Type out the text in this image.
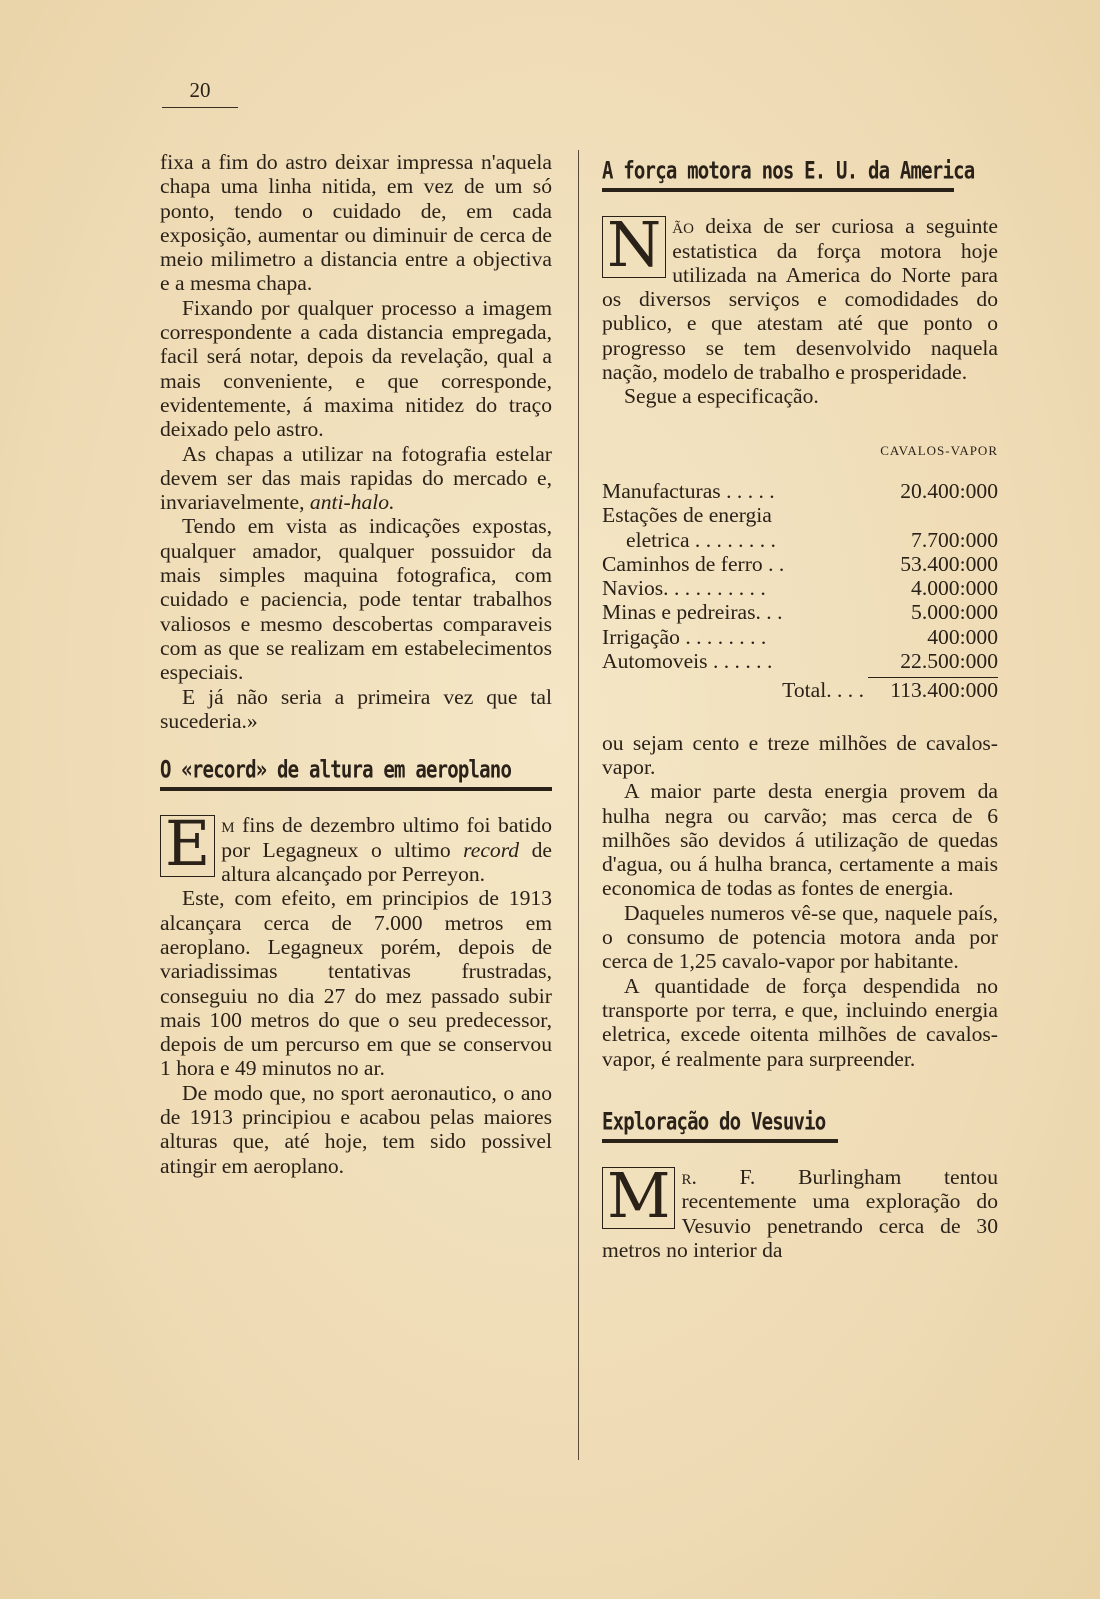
20

fixa a fim do astro deixar impressa n'aquela chapa uma linha nitida, em vez de um só ponto, tendo o cuidado de, em cada exposição, aumentar ou diminuir de cerca de meio milimetro a distancia entre a objectiva e a mesma chapa.

Fixando por qualquer processo a imagem correspondente a cada distancia empregada, facil será notar, depois da revelação, qual a mais conveniente, e que corresponde, evidentemente, á maxima nitidez do traço deixado pelo astro.

As chapas a utilizar na fotografia estelar devem ser das mais rapidas do mercado e, invariavelmente, anti-halo.

Tendo em vista as indicações expostas, qualquer amador, qualquer possuidor da mais simples maquina fotografica, com cuidado e paciencia, pode tentar trabalhos valiosos e mesmo descobertas comparaveis com as que se realizam em estabelecimentos especiais.

E já não seria a primeira vez que tal sucederia.»

O «record» de altura em aeroplano

E m fins de dezembro ultimo foi batido por Legagneux o ultimo record de altura alcançado por Perreyon.

Este, com efeito, em principios de 1913 alcançara cerca de 7.000 metros em aeroplano. Legagneux porém, depois de variadissimas tentativas frustradas, conseguiu no dia 27 do mez passado subir mais 100 metros do que o seu predecessor, depois de um percurso em que se conservou 1 hora e 49 minutos no ar.

De modo que, no sport aeronautico, o ano de 1913 principiou e acabou pelas maiores alturas que, até hoje, tem sido possivel atingir em aeroplano.

A força motora nos E. U. da America

N ão deixa de ser curiosa a seguinte estatistica da força motora hoje utilizada na America do Norte para os diversos serviços e comodidades do publico, e que atestam até que ponto o progresso se tem desenvolvido naquela nação, modelo de trabalho e prosperidade.

Segue a especificação.

CAVALOS-VAPOR
Manufacturas . . . . .	20.400:000
Estações de energia	
eletrica . . . . . . . .	7.700:000
Caminhos de ferro . .	53.400:000
Navios. . . . . . . . . .	4.000:000
Minas e pedreiras. . .	5.000:000
Irrigação . . . . . . . .	400:000
Automoveis . . . . . .	22.500:000
Total. . . .	113.400:000

ou sejam cento e treze milhões de cavalos-vapor.

A maior parte desta energia provem da hulha negra ou carvão; mas cerca de 6 milhões são devidos á utilização de quedas d'agua, ou á hulha branca, certamente a mais economica de todas as fontes de energia.

Daqueles numeros vê-se que, naquele país, o consumo de potencia motora anda por cerca de 1,25 cavalo-vapor por habitante.

A quantidade de força despendida no transporte por terra, e que, incluindo energia eletrica, excede oitenta milhões de cavalos-vapor, é realmente para surpreender.

Exploração do Vesuvio

M r. F. Burlingham tentou recentemente uma exploração do Vesuvio penetrando cerca de 30 metros no interior da
